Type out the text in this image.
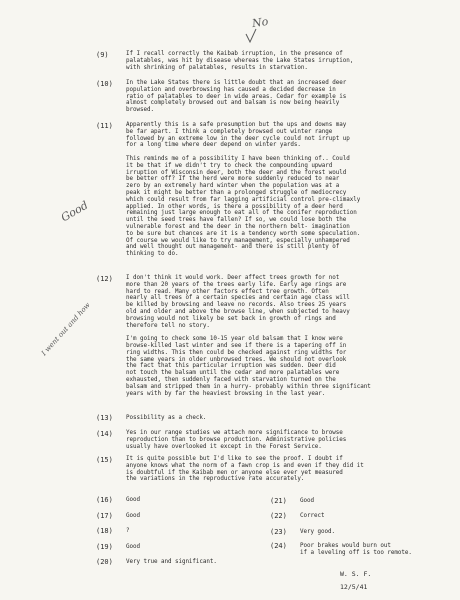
No
Good
I went out and how
(9)	If I recall correctly the Kaibab irruption, in the presence of
palatables, was hit by disease whereas the Lake States irruption,
with shrinking of palatables, results in starvation.
(10) In the Lake States there is little doubt that an increased deer
population and overbrowsing has caused a decided decrease in
ratio of palatables to deer in wide areas. Cedar for example is
almost completely browsed out and balsam is now being heavily
browsed.
(11) Apparently this is a safe presumption but the ups and downs may
be far apart. I think a completely browsed out winter range
followed by an extreme low in the deer cycle could not irrupt up
for a long time where deer depend on winter yards.

This reminds me of a possibility I have been thinking of.. Could
it be that if we didn't try to check the compounding upward
irruption of Wisconsin deer, both the deer and the forest would
be better off? If the herd were more suddenly reduced to near
zero by an extremely hard winter when the population was at a
peak it might be better than a prolonged struggle of mediocrecy
which could result from far lagging artificial control pre-climaxly
applied. In other words, is there a possibility of a deer herd
remaining just large enough to eat all of the conifer reproduction
until the seed trees have fallen? If so, we could lose both the
vulnerable forest and the deer in the northern belt- imagination
to be sure but chances are it is a tendency worth some speculation.
Of course we would like to try management, especially unhampered
and well thought out management- and there is still plenty of
thinking to do.
(12) I don't think it would work. Deer affect trees growth for not
more than 20 years of the trees early life. Early age rings are
hard to read. Many other factors effect tree growth. Often
nearly all trees of a certain species and certain age class will
be killed by browsing and leave no records. Also trees 25 years
old and older and above the browse line, when subjected to heavy
browsing would not likely be set back in growth of rings and
therefore tell no story.

I'm going to check some 10-15 year old balsam that I know were
browse-killed last winter and see if there is a tapering off in
ring widths. This then could be checked against ring widths for
the same years in older unbrowsed trees. We should not overlook
the fact that this particular irruption was sudden. Deer did
not touch the balsam until the cedar and more palatables were
exhausted, then suddenly faced with starvation turned on the
balsam and stripped them in a hurry- probably within three significant
years with by far the heaviest browsing in the last year.
(13) Possibility as a check.
(14) Yes in our range studies we attach more significance to browse
reproduction than to browse production. Administrative policies
usually have overlooked it except in the Forest Service.
(15) It is quite possible but I'd like to see the proof. I doubt if
anyone knows what the norm of a fawn crop is and even if they did it
is doubtful if the Kaibab men or anyone else ever yet measured
the variations in the reproductive rate accurately.
(16) Good
(17) Good
(18) ?
(19) Good
(20) Very true and significant.
(21) Good
(22) Correct
(23) Very good.
(24) Poor brakes would burn out
if a leveling off is too remote.
W. S. F.
12/5/41
